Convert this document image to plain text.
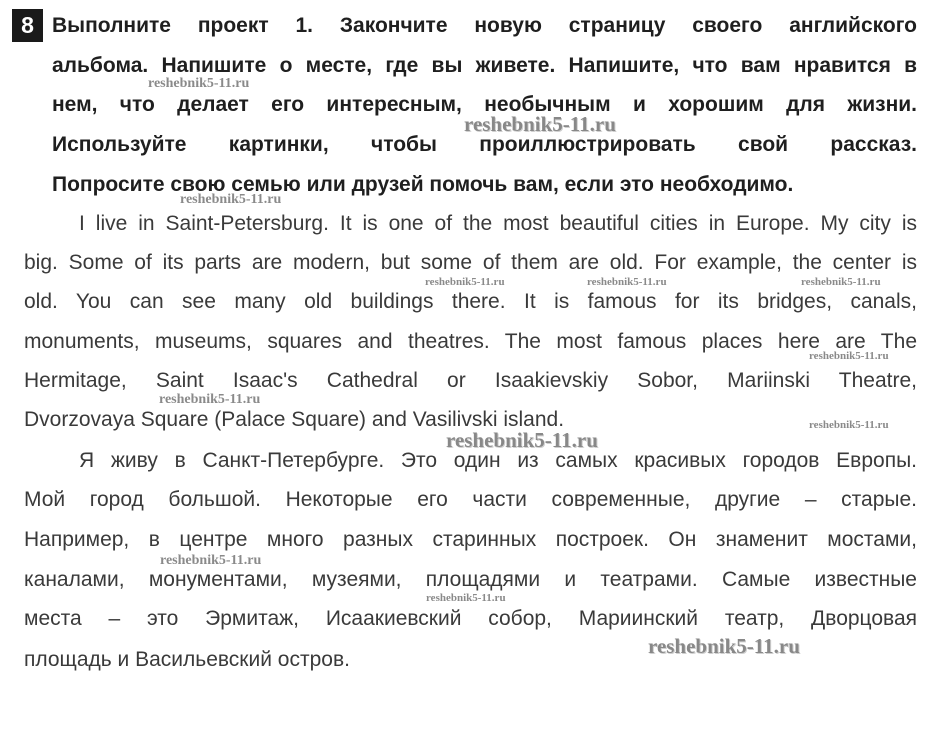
8 Выполните проект 1. Закончите новую страницу своего английского

альбома. Напишите о месте, где вы живете. Напишите, что вам нравится в

нем, что делает его интересным, необычным и хорошим для жизни.

Используйте картинки, чтобы проиллюстрировать свой рассказ.

Попросите свою семью или друзей помочь вам, если это необходимо.

I live in Saint-Petersburg. It is one of the most beautiful cities in Europe. My city is

big. Some of its parts are modern, but some of them are old. For example, the center is

old. You can see many old buildings there. It is famous for its bridges, canals,

monuments, museums, squares and theatres. The most famous places here are The

Hermitage, Saint Isaac's Cathedral or Isaakievskiy Sobor, Mariinski Theatre,

Dvorzovaya Square (Palace Square) and Vasilivski island.

Я живу в Санкт-Петербурге. Это один из самых красивых городов Европы.

Мой город большой. Некоторые его части современные, другие – старые.

Например, в центре много разных старинных построек. Он знаменит мостами,

каналами, монументами, музеями, площадями и театрами. Самые известные

места – это Эрмитаж, Исаакиевский собор, Мариинский театр, Дворцовая

площадь и Васильевский остров.

reshebnik5-11.ru

reshebnik5-11.ru

reshebnik5-11.ru

reshebnik5-11.ru	reshebnik5-11.ru	reshebnik5-11.ru

reshebnik5-11.ru

reshebnik5-11.ru

reshebnik5-11.ru

reshebnik5-11.ru

reshebnik5-11.ru

reshebnik5-11.ru

reshebnik5-11.ru
